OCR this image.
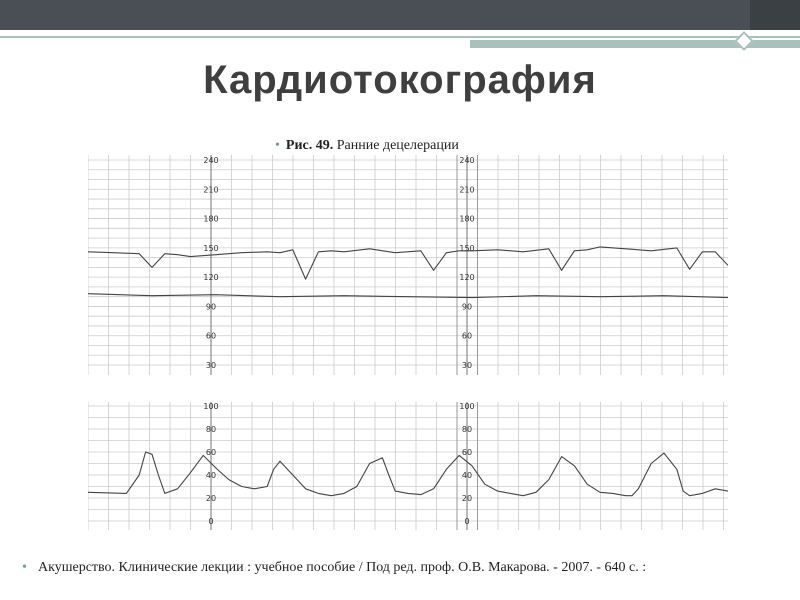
Кардиотокография
• Рис. 49. Ранние децелерации
240	240
210	210
180	180
150	150
120	120
90	90
60	60
30	30
100	100
80	80
60	60
40	40
20	20
0	0
• Акушерство. Клинические лекции : учебное пособие / Под ред. проф. О.В. Макарова. - 2007. - 640 с. :
